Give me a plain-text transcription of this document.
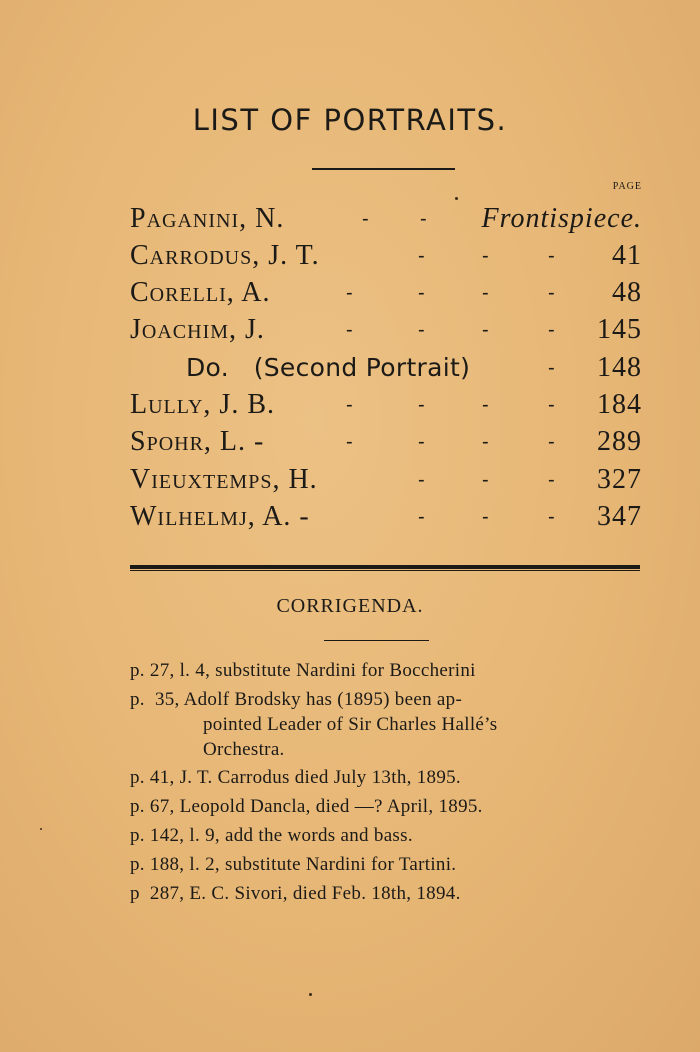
LIST OF PORTRAITS.
PAGE
Paganini, N.	-	- Frontispiece.
Carrodus, J. T.	-	-	- 41
Corelli, A.	-	-	-	- 48
Joachim, J.	-	-	-	- 145
Do.   (Second Portrait)	- 148
Lully, J. B.	-	-	-	- 184
Spohr, L. -	-	-	-	- 289
Vieuxtemps, H.	-	-	- 327
Wilhelmj, A. -	-	-	- 347
CORRIGENDA.
p. 27, l. 4, substitute Nardini for Boccherini
p.  35, Adolf Brodsky has (1895) been ap-
pointed Leader of Sir Charles Hallé’s
Orchestra.
p. 41, J. T. Carrodus died July 13th, 1895.
p. 67, Leopold Dancla, died —? April, 1895.
p. 142, l. 9, add the words and bass.
p. 188, l. 2, substitute Nardini for Tartini.
p  287, E. C. Sivori, died Feb. 18th, 1894.
